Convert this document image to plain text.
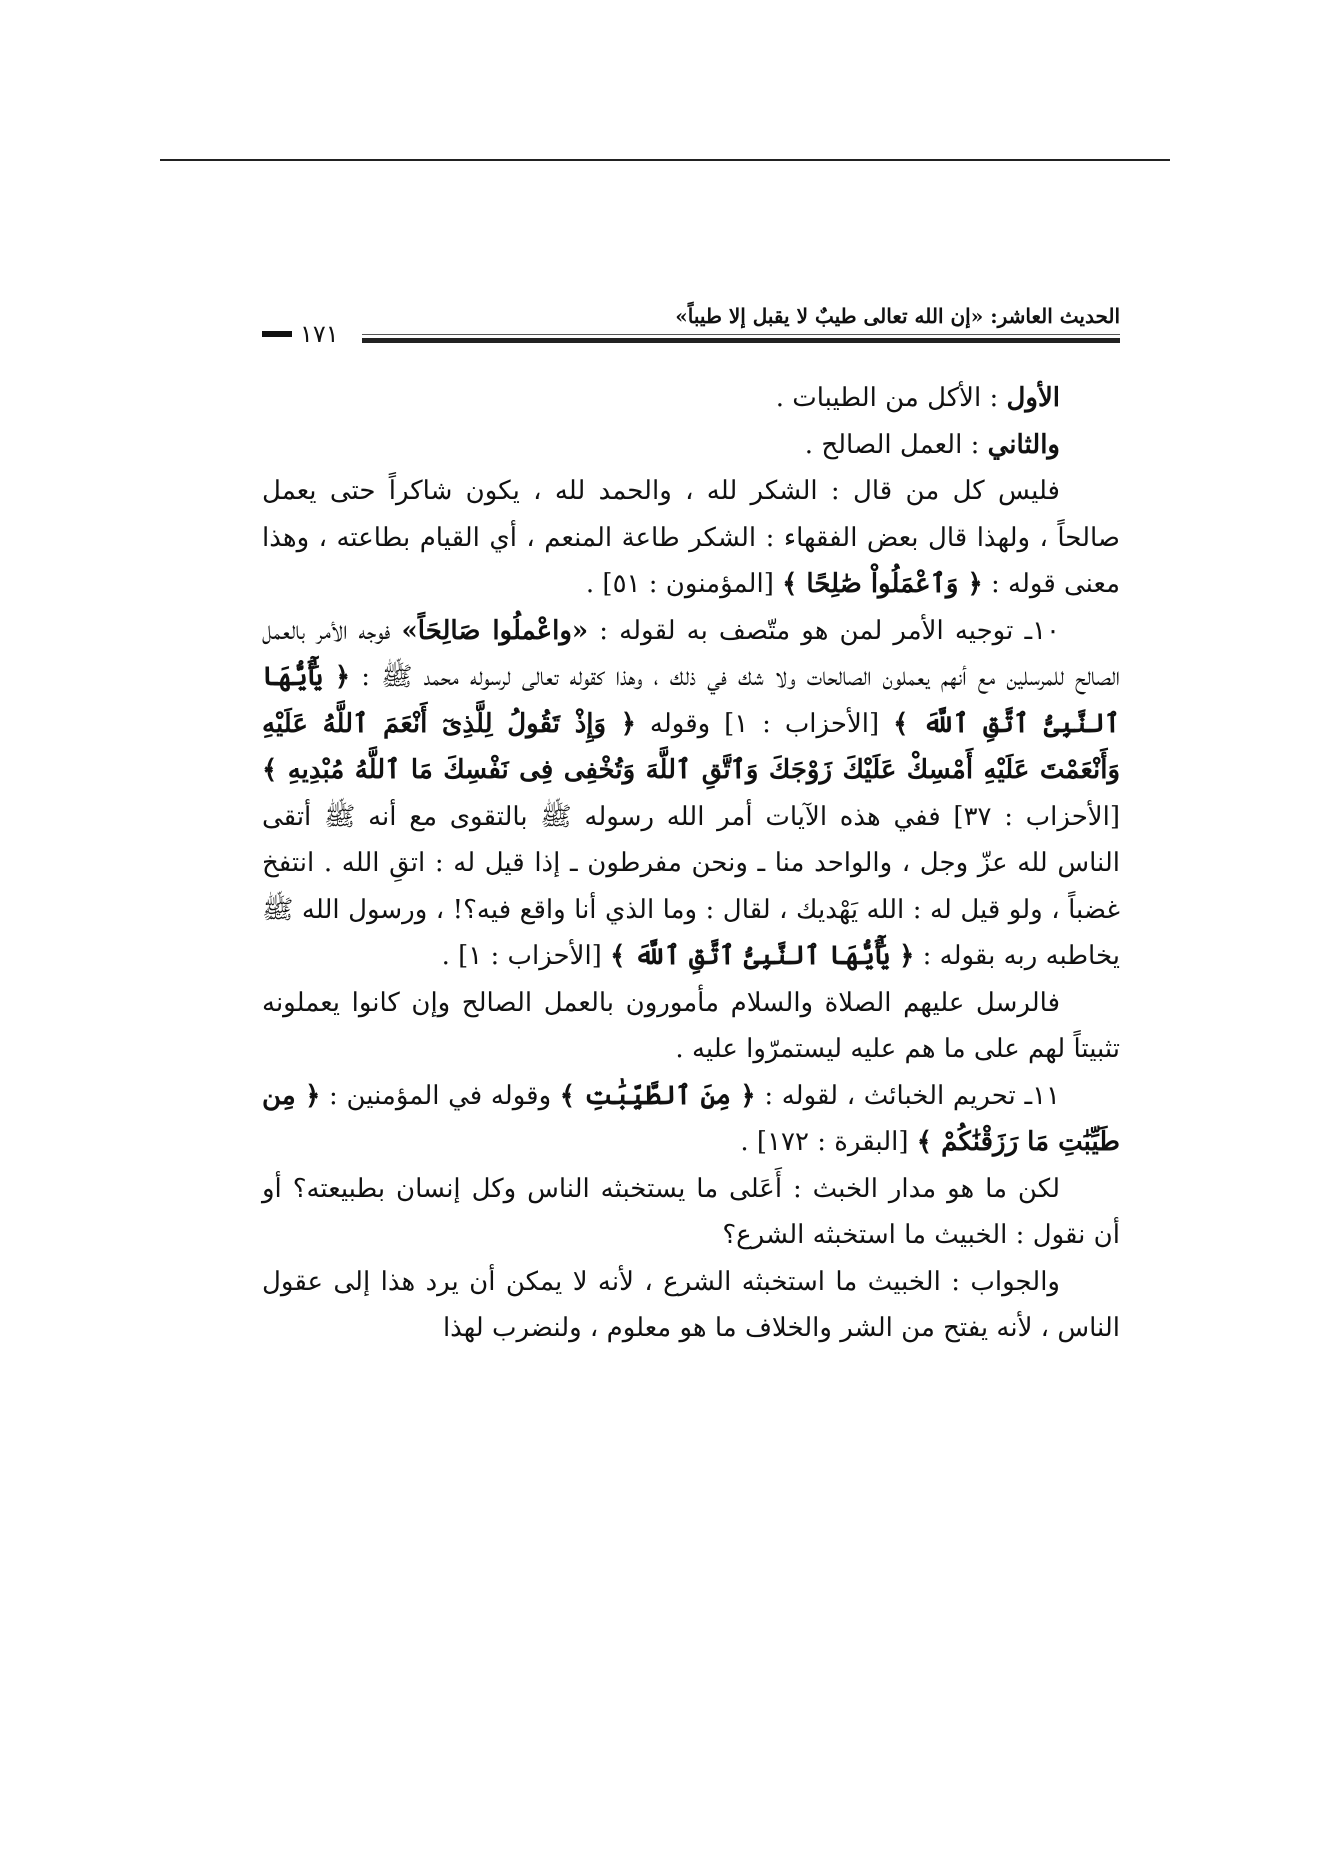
الحديث العاشر: «إن الله تعالى طيبٌ لا يقبل إلا طيباً»
١٧١

الأول : الأكل من الطيبات .

والثاني : العمل الصالح .

فليس كل من قال : الشكر لله ، والحمد لله ، يكون شاكراً حتى يعمل صالحاً ، ولهذا قال بعض الفقهاء : الشكر طاعة المنعم ، أي القيام بطاعته ، وهذا معنى قوله : ﴿ وَٱعْمَلُواْ صَٰلِحًا ﴾ [المؤمنون : ٥١] .

١٠ـ توجيه الأمر لمن هو متّصف به لقوله : «واعْملُوا صَالِحَاً» فوجه الأمر بالعمل الصالح للمرسلين مع أنهم يعملون الصالحات ولا شك في ذلك ، وهذا كقوله تعالى لرسوله محمد ﷺ : ﴿ يَٰٓأَيُّهَا ٱلنَّبِىُّ ٱتَّقِ ٱللَّهَ ﴾ [الأحزاب : ١] وقوله ﴿ وَإِذْ تَقُولُ لِلَّذِىٓ أَنْعَمَ ٱللَّهُ عَلَيْهِ وَأَنْعَمْتَ عَلَيْهِ أَمْسِكْ عَلَيْكَ زَوْجَكَ وَٱتَّقِ ٱللَّهَ وَتُخْفِى فِى نَفْسِكَ مَا ٱللَّهُ مُبْدِيهِ ﴾ [الأحزاب : ٣٧] ففي هذه الآيات أمر الله رسوله ﷺ بالتقوى مع أنه ﷺ أتقى الناس لله عزّ وجل ، والواحد منا ـ ونحن مفرطون ـ إذا قيل له : اتقِ الله . انتفخ غضباً ، ولو قيل له : الله يَهْديك ، لقال : وما الذي أنا واقع فيه؟! ، ورسول الله ﷺ يخاطبه ربه بقوله : ﴿ يَٰٓأَيُّهَا ٱلنَّبِىُّ ٱتَّقِ ٱللَّهَ ﴾ [الأحزاب : ١] .

فالرسل عليهم الصلاة والسلام مأمورون بالعمل الصالح وإن كانوا يعملونه تثبيتاً لهم على ما هم عليه ليستمرّوا عليه .

١١ـ تحريم الخبائث ، لقوله : ﴿ مِنَ ٱلطَّيِّبَٰتِ ﴾ وقوله في المؤمنين : ﴿ مِن طَيِّبَٰتِ مَا رَزَقْنَٰكُمْ ﴾ [البقرة : ١٧٢] .

لكن ما هو مدار الخبث : أَعَلى ما يستخبثه الناس وكل إنسان بطبيعته؟ أو أن نقول : الخبيث ما استخبثه الشرع؟

والجواب : الخبيث ما استخبثه الشرع ، لأنه لا يمكن أن يرد هذا إلى عقول الناس ، لأنه يفتح من الشر والخلاف ما هو معلوم ، ولنضرب لهذا
